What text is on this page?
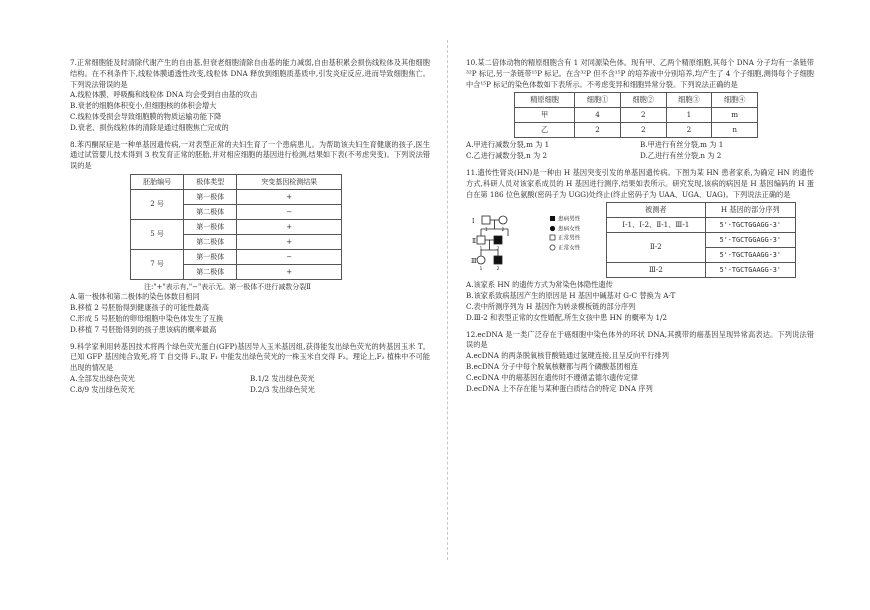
7.正常细胞能及时清除代谢产生的自由基,但衰老细胞清除自由基的能力减弱,自由基积累会损伤线粒体及其他细胞结构。在不利条件下,线粒体膜通透性改变,线粒体 DNA 释放到细胞质基质中,引发炎症反应,进而导致细胞焦亡。下列说法错误的是

A.线粒体膜、呼吸酶和线粒体 DNA 均会受到自由基的攻击

B.衰老的细胞体积变小,但细胞核的体积会增大

C.线粒体受损会导致细胞膜的物质运输功能下降

D.衰老、损伤线粒体的清除是通过细胞焦亡完成的

8.苯丙酮尿症是一种单基因遗传病,一对表型正常的夫妇生育了一个患病患儿。为帮助该夫妇生育健康的孩子,医生通过试管婴儿技术得到 3 枚发育正常的胚胎,并对相应细胞的基因进行检测,结果如下表(不考虑突变)。下列说法错误的是

胚胎编号	极体类型	突变基因检测结果
2 号	第一极体	+
	第二极体	−
5 号	第一极体	+
	第二极体	+
7 号	第一极体	−
	第二极体	+

注:"+"表示有,"−"表示无。第一极体不进行减数分裂Ⅱ

A.第一极体和第二极体的染色体数目相同

B.移植 2 号胚胎得到健康孩子的可能性最高

C.形成 5 号胚胎的卵母细胞中染色体发生了互换

D.移植 7 号胚胎得到的孩子患该病的概率最高

9.科学家利用转基因技术将两个绿色荧光蛋白(GFP)基因导入玉米基因组,获得能发出绿色荧光的转基因玉米 T。已知 GFP 基因纯合致死,将 T 自交得 F₁,取 F₁ 中能发出绿色荧光的一株玉米自交得 F₂。理论上,F₂ 植株中不可能出现的情况是

A.全部发出绿色荧光	B.1/2 发出绿色荧光
C.8/9 发出绿色荧光	D.2/3 发出绿色荧光

10.某二倍体动物的精原细胞含有 1 对同源染色体。现有甲、乙两个精原细胞,其每个 DNA 分子均有一条链带³²P 标记,另一条链带¹⁵P 标记。在含³²P 但不含¹⁵P 的培养液中分别培养,均产生了 4 个子细胞,测得每个子细胞中含¹⁵P 标记的染色体数如下表所示。不考虑变异和细胞异常分裂。下列说法正确的是

精原细胞	细胞①	细胞②	细胞③	细胞④
甲	4	2	1	m
乙	2	2	2	n
A.甲进行减数分裂,m 为 1	B.甲进行有丝分裂,m 为 1
C.乙进行减数分裂,n 为 2	D.乙进行有丝分裂,n 为 2

11.遗传性肾炎(HN)是一种由 H 基因突变引发的单基因遗传病。下图为某 HN 患者家系,为确定 HN 的遗传方式,科研人员对该家系成员的 H 基因进行测序,结果如表所示。研究发现,该病的病因是 H 基因编码的 H 蛋白在第 186 位色氨酸(密码子为 UGG)处终止(终止密码子为 UAA、UGA、UAG)。下列说法正确的是

Ⅰ
Ⅱ
Ⅲ
1	2
1	2
1	2
患病男性
患病女性
正常男性
正常女性
被测者	H 基因的部分序列
Ⅰ-1、Ⅰ-2、Ⅱ-1、Ⅲ-1	5'-TGCTGGAGG-3'
Ⅱ-2	5'-TGCTGGAGG-3'
	5'-TGCTGAAGG-3'
Ⅲ-2	5'-TGCTGAAGG-3'

A.该家系 HN 的遗传方式为常染色体隐性遗传

B.该家系致病基因产生的原因是 H 基因中碱基对 G-C 替换为 A-T

C.表中所测序列为 H 基因作为转录模板链的部分序列

D.Ⅲ-2 和表型正常的女性婚配,所生女孩中患 HN 的概率为 1/2

12.ecDNA 是一类广泛存在于癌细胞中染色体外的环状 DNA,其携带的癌基因呈现异常高表达。下列说法错误的是

A.ecDNA 的两条脱氧核苷酸链通过氢键连接,且呈反向平行排列

B.ecDNA 分子中每个脱氧核糖都与两个磷酸基团相连

C.ecDNA 中的癌基因在遗传时不遵循孟德尔遗传定律

D.ecDNA 上不存在能与某种蛋白质结合的特定 DNA 序列
